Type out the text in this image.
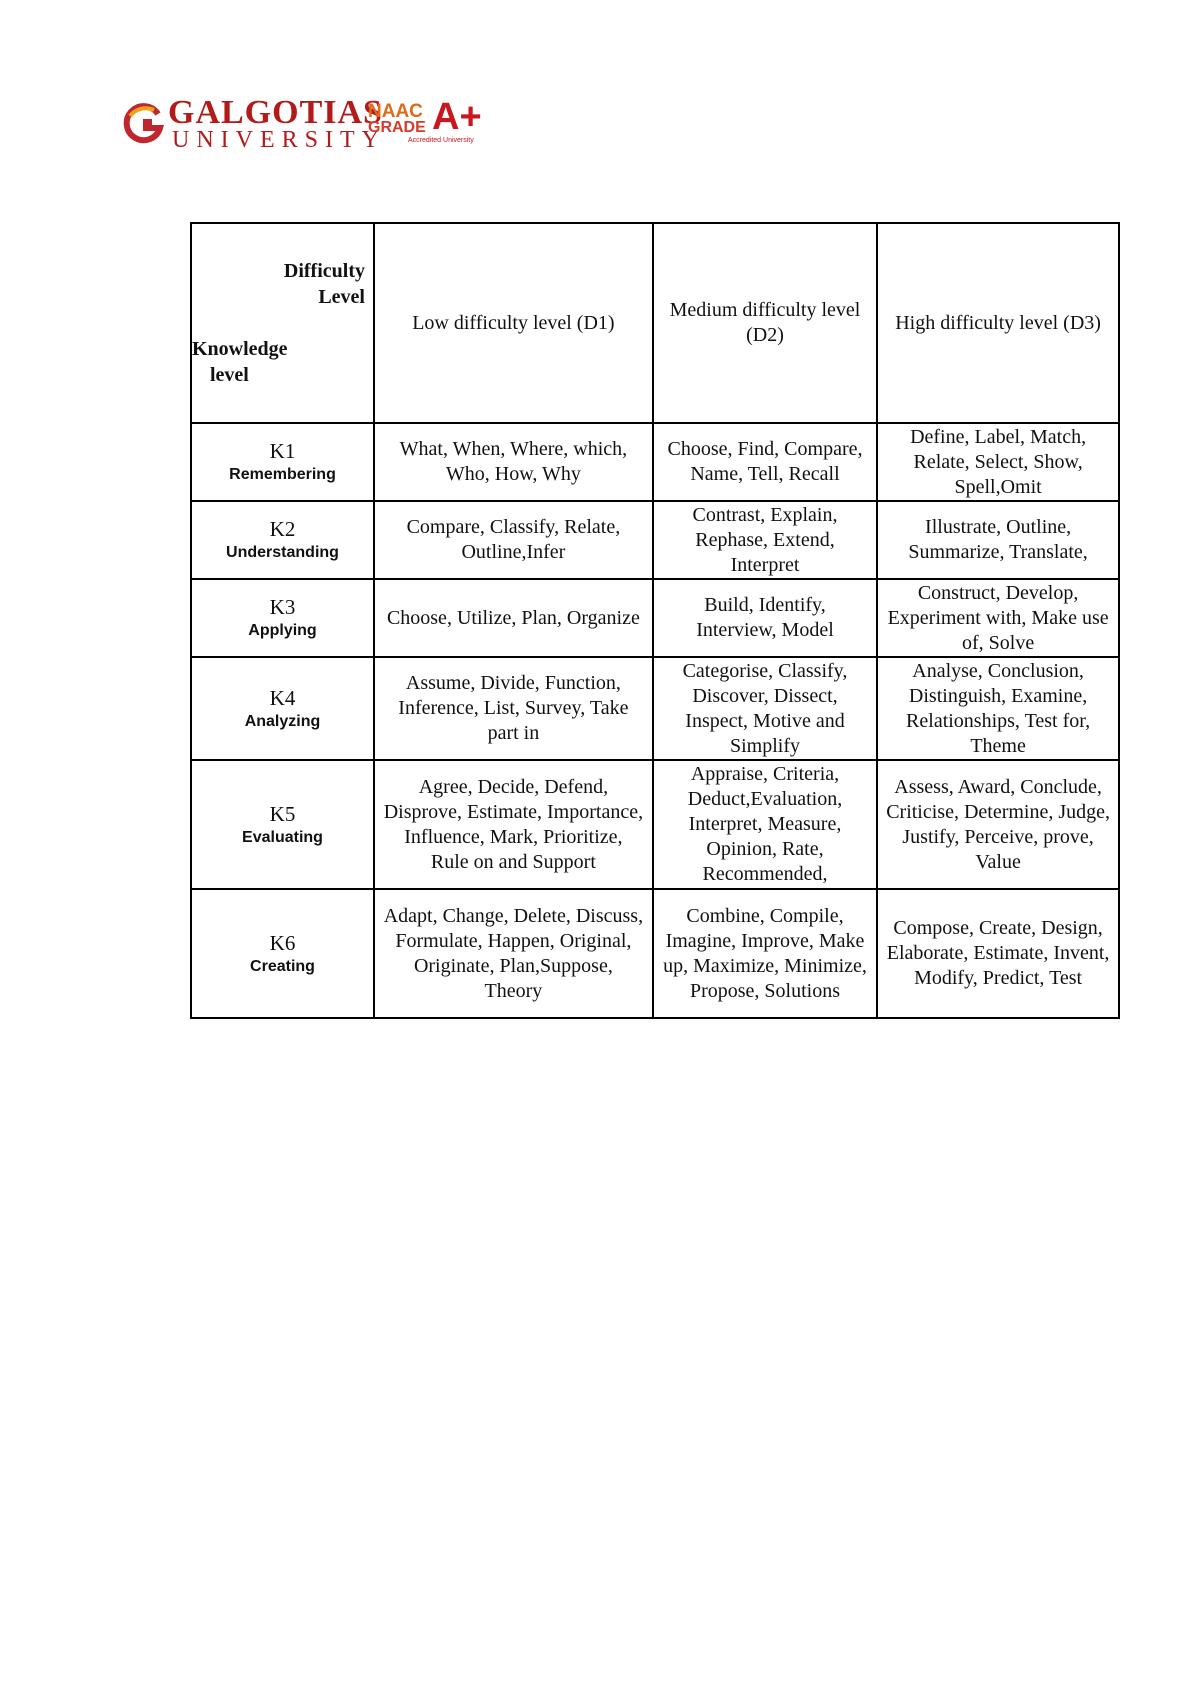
GALGOTIAS
UNIVERSITY
NAAC
GRADE A+
Accredited University
Difficulty
Level
Knowledge
level	Low difficulty level (D1)	Medium difficulty level (D2)	High difficulty level (D3)

K1
Remembering	What, When, Where, which, Who, How, Why	Choose, Find, Compare, Name, Tell, Recall	Define, Label, Match, Relate, Select, Show, Spell,Omit

K2
Understanding	Compare, Classify, Relate, Outline,Infer	Contrast, Explain, Rephase, Extend, Interpret	Illustrate, Outline, Summarize, Translate,

K3
Applying	Choose, Utilize, Plan, Organize	Build, Identify, Interview, Model	Construct, Develop, Experiment with, Make use of, Solve

K4
Analyzing	Assume, Divide, Function, Inference, List, Survey, Take part in	Categorise, Classify, Discover, Dissect, Inspect, Motive and Simplify	Analyse, Conclusion, Distinguish, Examine, Relationships, Test for, Theme

K5
Evaluating	Agree, Decide, Defend, Disprove, Estimate, Importance, Influence, Mark, Prioritize, Rule on and Support	Appraise, Criteria, Deduct,Evaluation, Interpret, Measure, Opinion, Rate, Recommended,	Assess, Award, Conclude, Criticise, Determine, Judge, Justify, Perceive, prove, Value

K6
Creating	Adapt, Change, Delete, Discuss, Formulate, Happen, Original, Originate, Plan,Suppose, Theory	Combine, Compile, Imagine, Improve, Make up, Maximize, Minimize, Propose, Solutions	Compose, Create, Design, Elaborate, Estimate, Invent, Modify, Predict, Test
